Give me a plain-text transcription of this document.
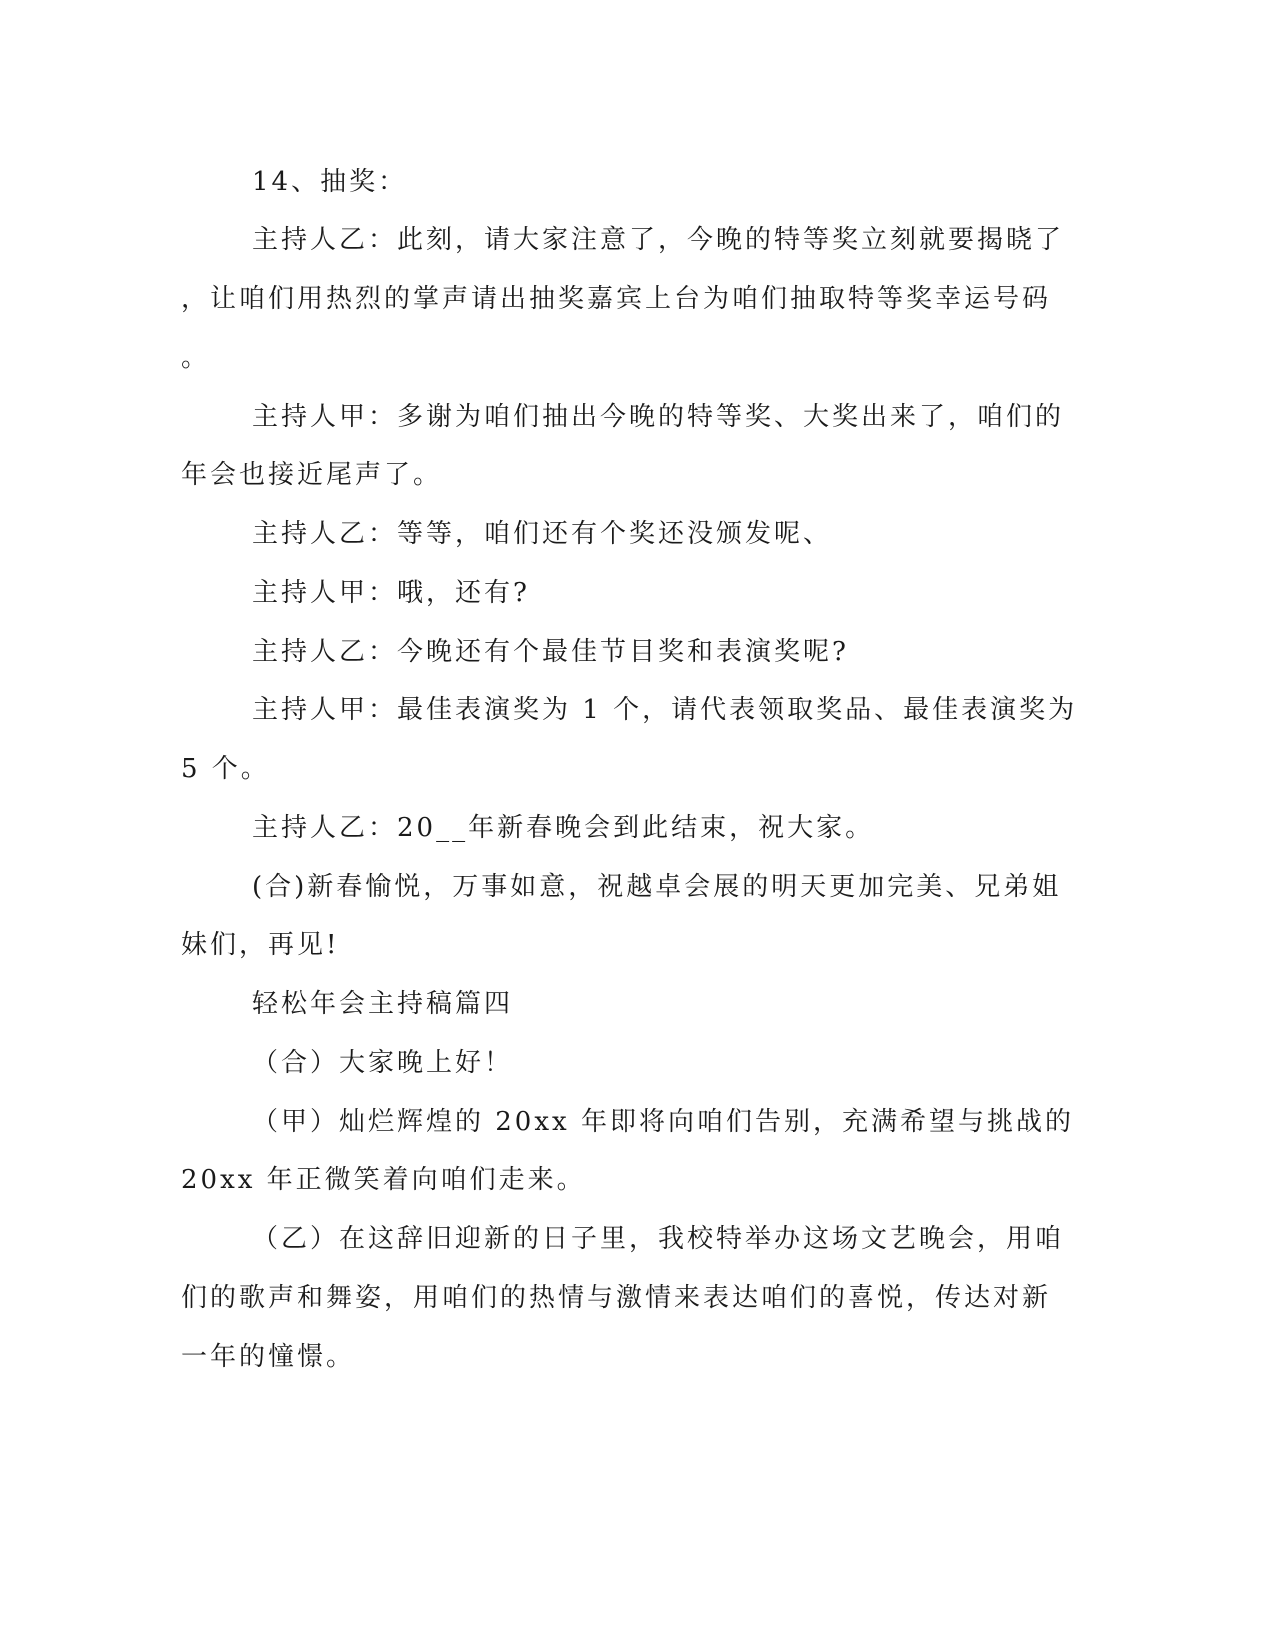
14、抽奖：
主持人乙：此刻，请大家注意了，今晚的特等奖立刻就要揭晓了
，让咱们用热烈的掌声请出抽奖嘉宾上台为咱们抽取特等奖幸运号码
。
主持人甲：多谢为咱们抽出今晚的特等奖、大奖出来了，咱们的
年会也接近尾声了。
主持人乙：等等，咱们还有个奖还没颁发呢、
主持人甲：哦，还有?
主持人乙：今晚还有个最佳节目奖和表演奖呢?
主持人甲：最佳表演奖为 1 个，请代表领取奖品、最佳表演奖为
5 个。
主持人乙：20__年新春晚会到此结束，祝大家。
(合)新春愉悦，万事如意，祝越卓会展的明天更加完美、兄弟姐
妹们，再见!
轻松年会主持稿篇四
（合）大家晚上好！
（甲）灿烂辉煌的 20xx 年即将向咱们告别，充满希望与挑战的
20xx 年正微笑着向咱们走来。
（乙）在这辞旧迎新的日子里，我校特举办这场文艺晚会，用咱
们的歌声和舞姿，用咱们的热情与激情来表达咱们的喜悦，传达对新
一年的憧憬。
